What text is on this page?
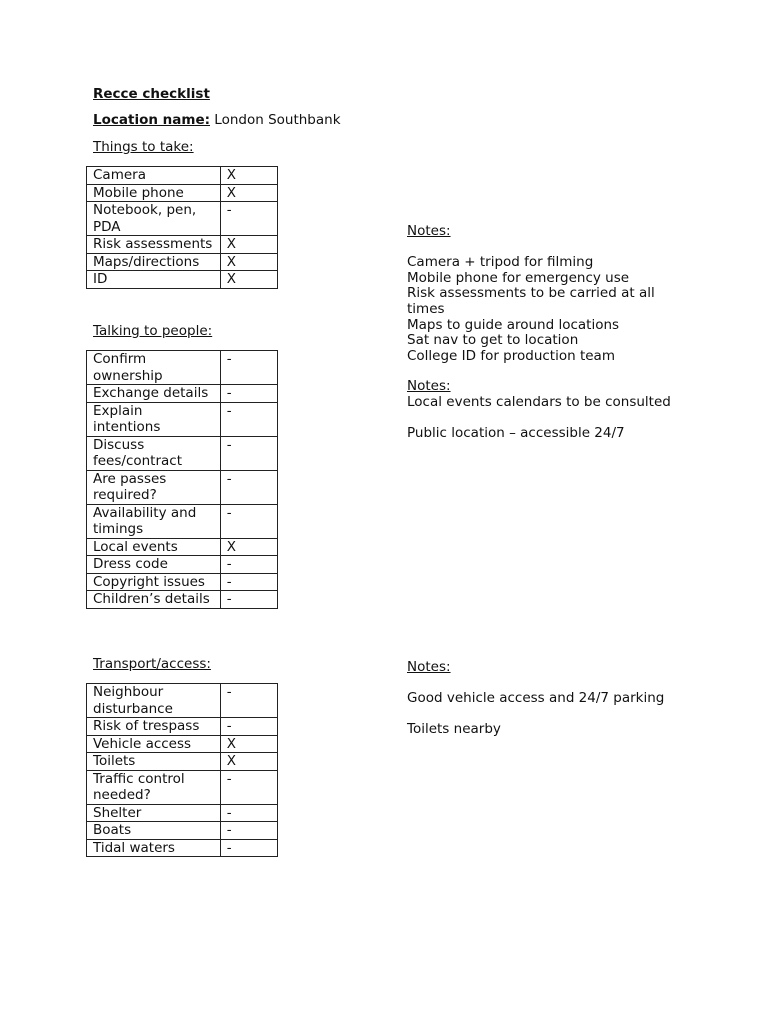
Recce checklist
Location name: London Southbank
Things to take:
Camera	X
Mobile phone	X
Notebook, pen, PDA	-
Risk assessments	X
Maps/directions	X
ID	X
Talking to people:
Confirm ownership	-
Exchange details	-
Explain intentions	-
Discuss fees/contract	-
Are passes required?	-
Availability and timings	-
Local events	X
Dress code	-
Copyright issues	-
Children’s details	-
Transport/access:
Neighbour disturbance	-
Risk of trespass	-
Vehicle access	X
Toilets	X
Traffic control needed?	-
Shelter	-
Boats	-
Tidal waters	-
Notes:
Camera + tripod for filming
Mobile phone for emergency use
Risk assessments to be carried at all times
Maps to guide around locations
Sat nav to get to location
College ID for production team
Notes:
Local events calendars to be consulted
Public location – accessible 24/7
Notes:
Good vehicle access and 24/7 parking
Toilets nearby
